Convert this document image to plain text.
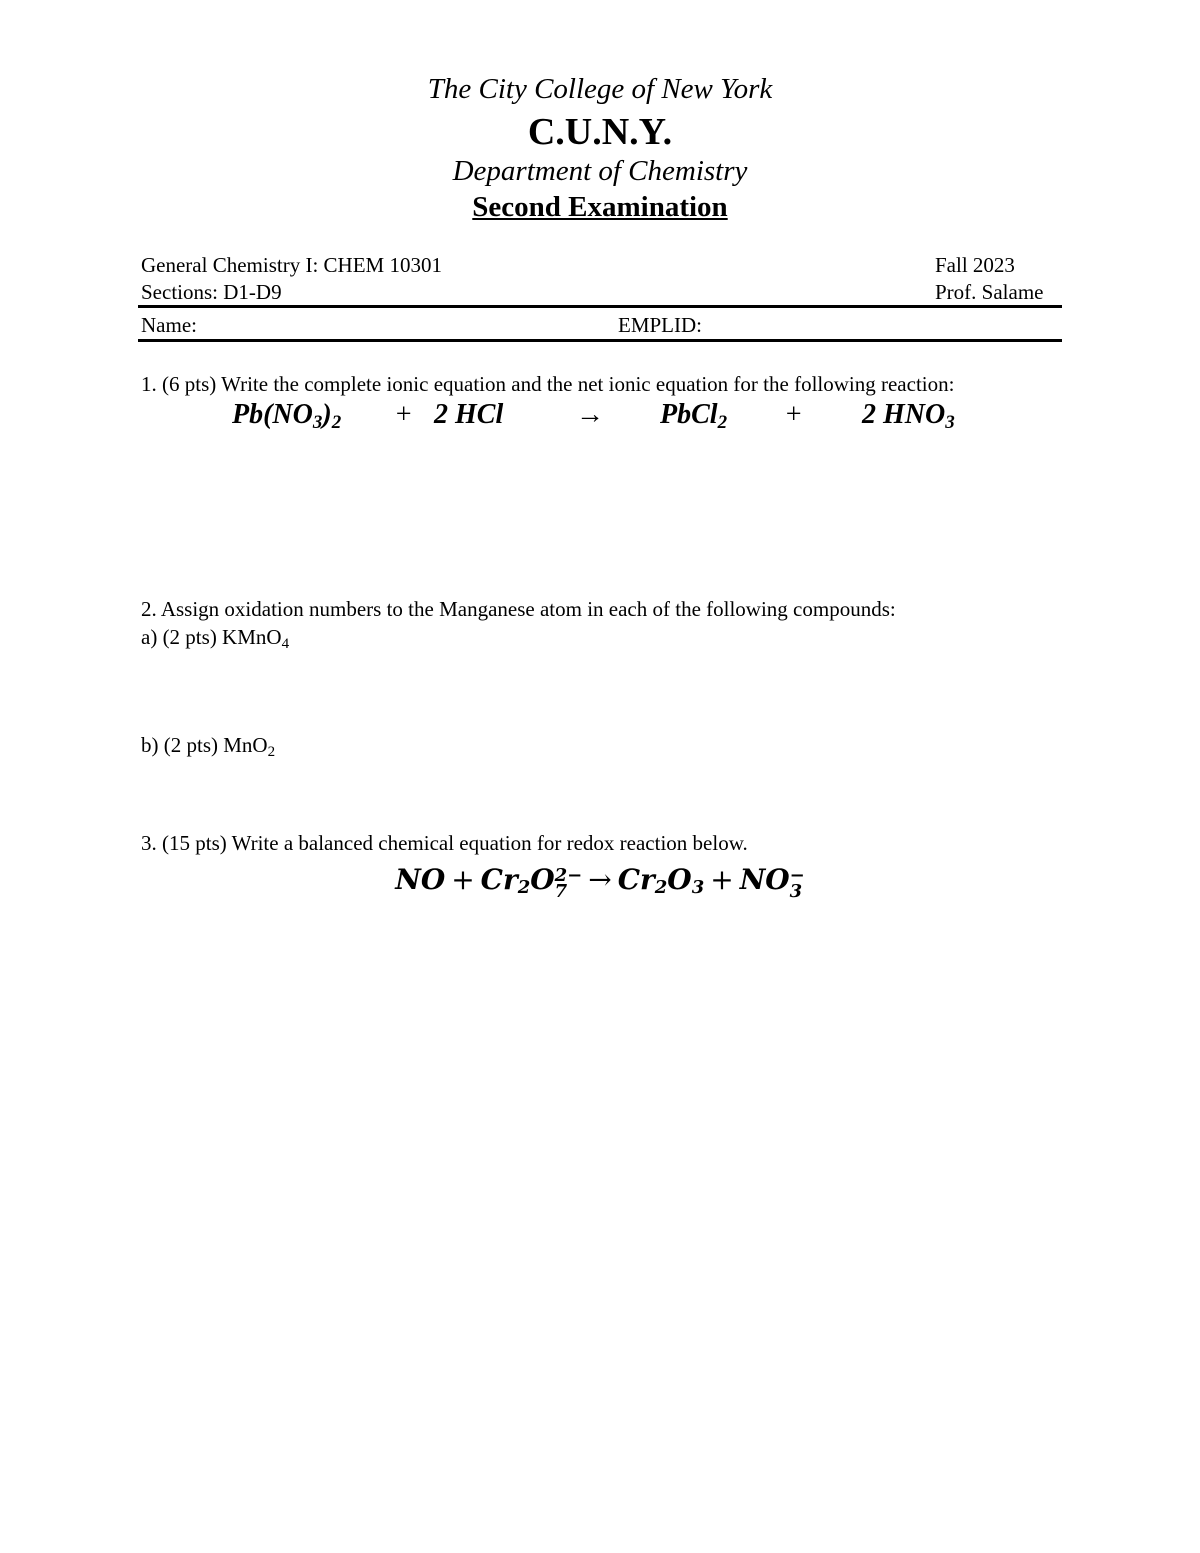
The City College of New York
C.U.N.Y.
Department of Chemistry
Second Examination
General Chemistry I: CHEM 10301	Fall 2023
Sections: D1-D9	Prof. Salame
Name:	EMPLID:
1. (6 pts) Write the complete ionic equation and the net ionic equation for the following reaction:
$Pb(NO_3)_2 + 2$ HCl	→ PbCl$_2$ + 2 $HNO_3$
2. Assign oxidation numbers to the Manganese atom in each of the following compounds:
a) (2 pts) KMnO$_4$
b) (2 pts) MnO$_2$
3. (15 pts) Write a balanced chemical equation for redox reaction below.
NO + $Cr_2O$ 2−
$7 \to Cr_2O_3$ + NO −
3
